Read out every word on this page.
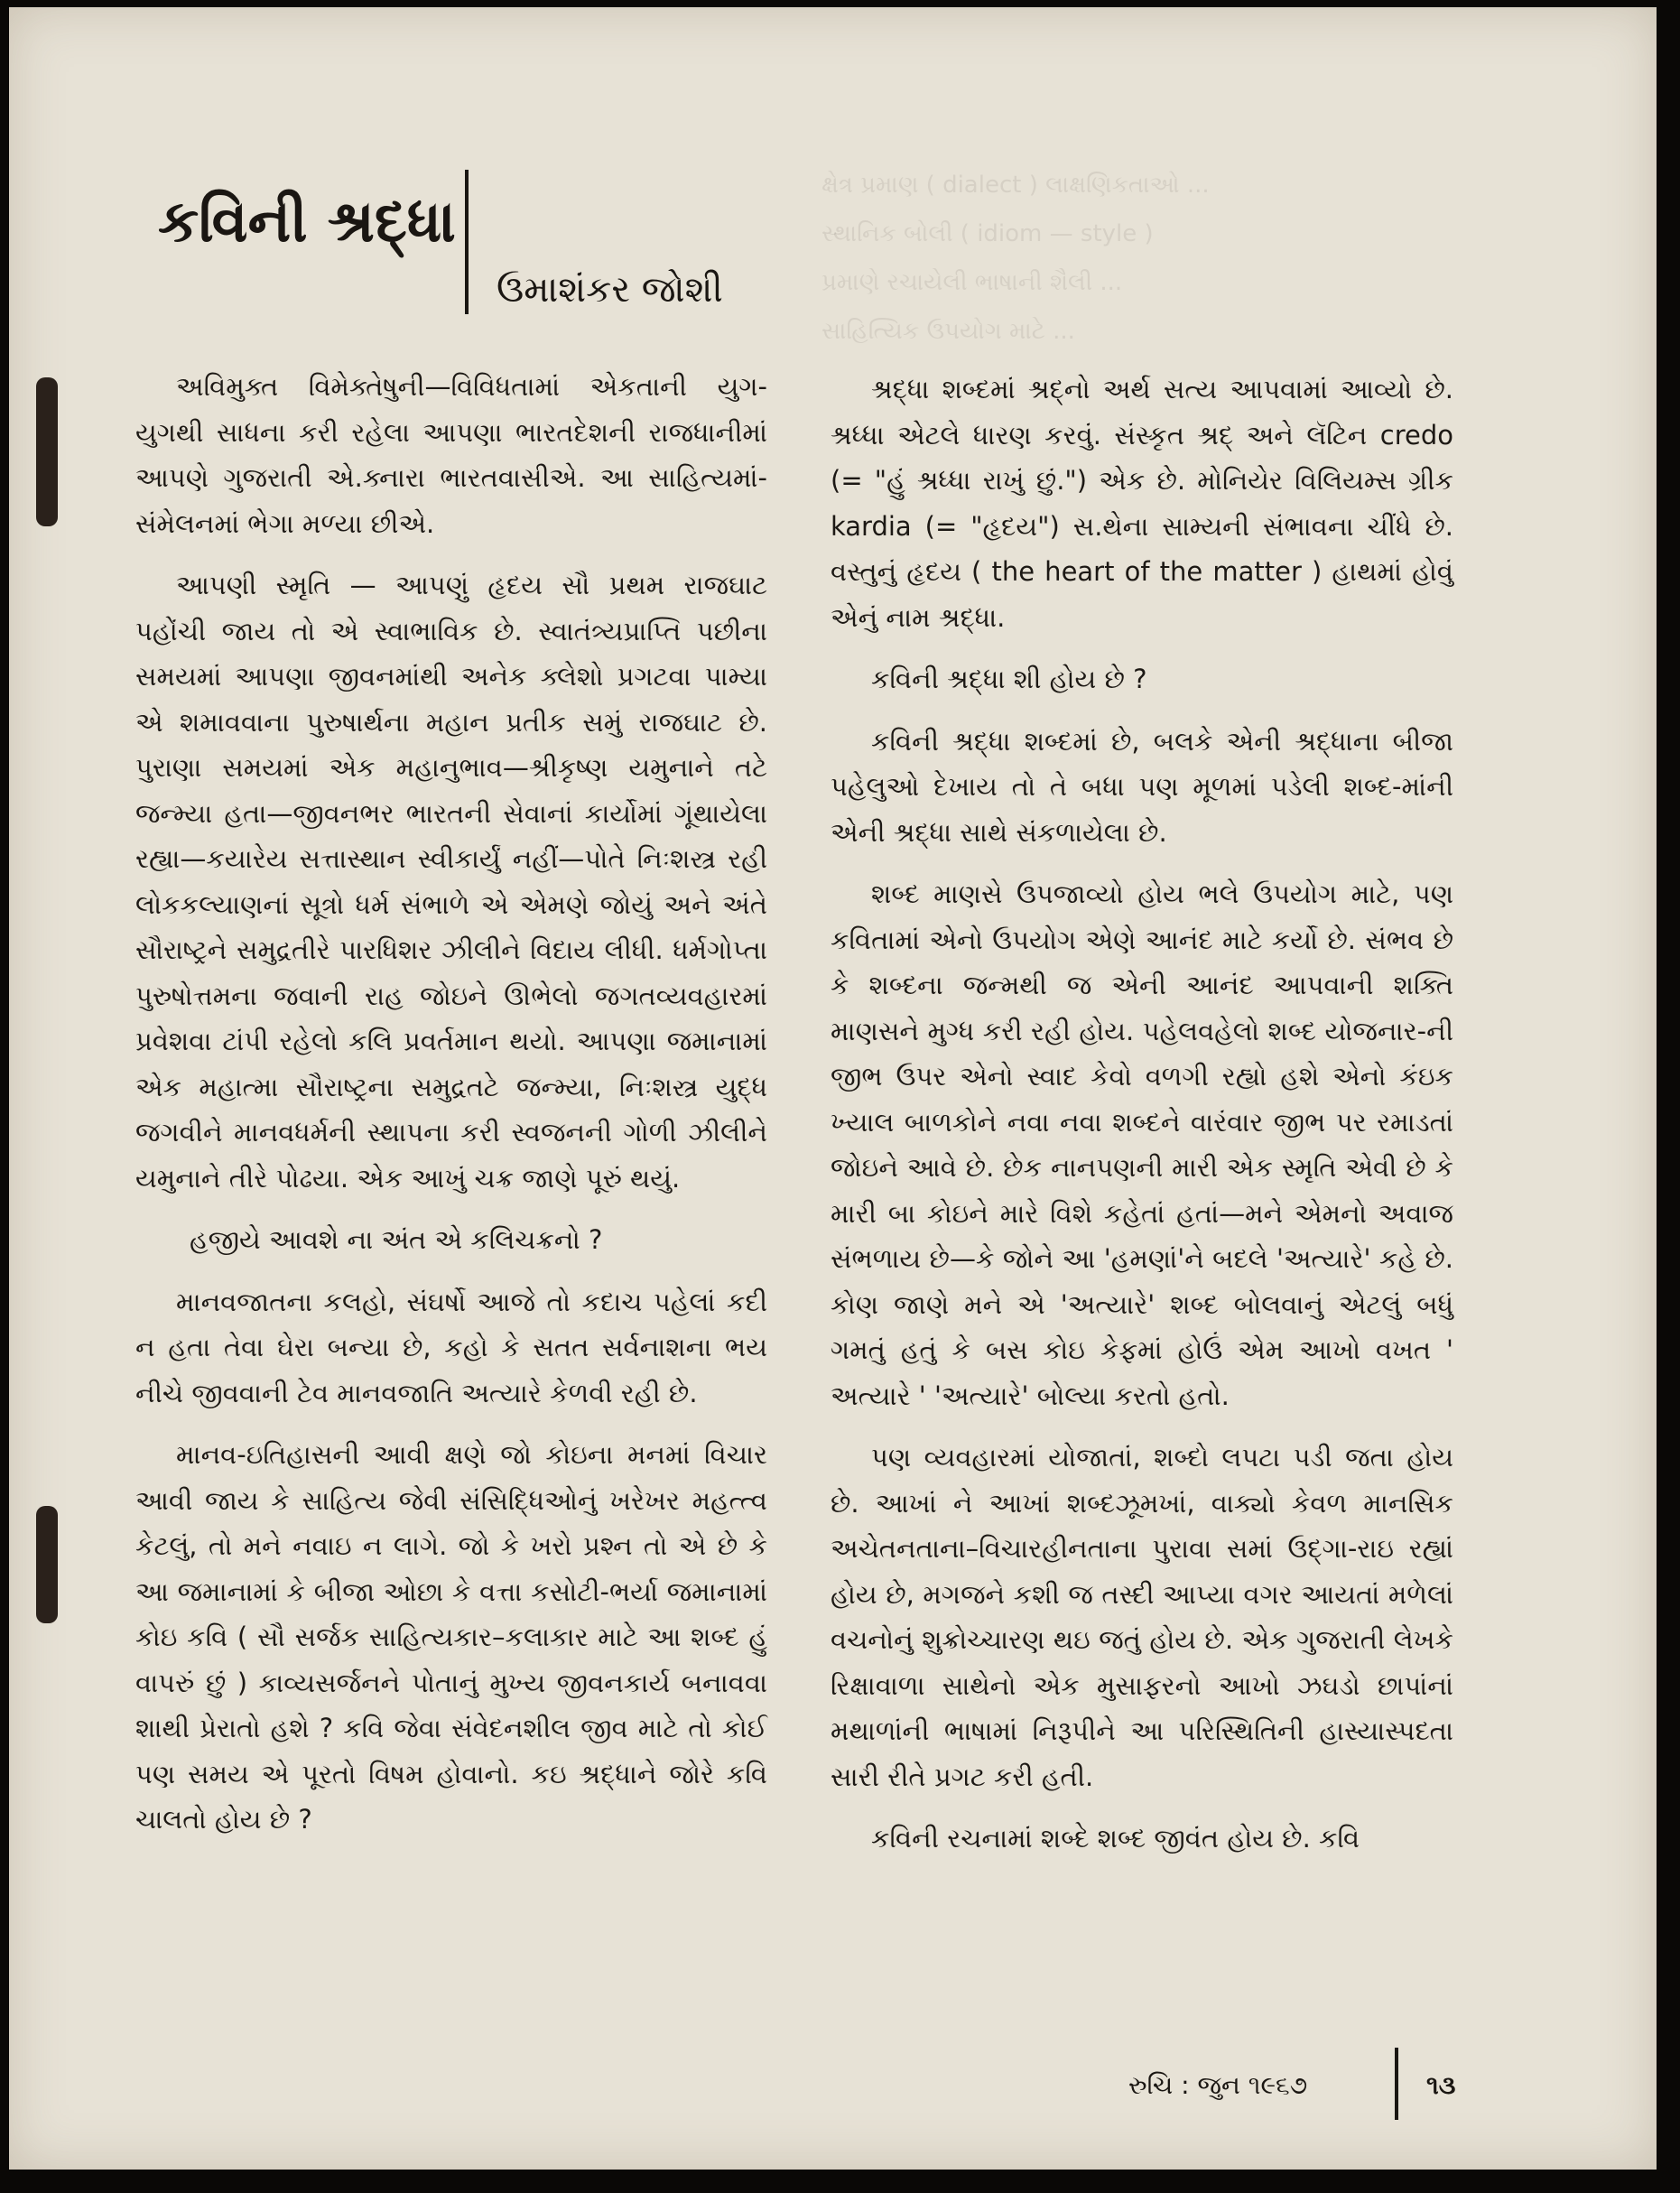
ક્ષેત્ર પ્રમાણ ( dialect ) લાક્ષણિકતાઓ ...
સ્થાનિક બોલી ( idiom — style )
પ્રમાણે રચાયેલી ભાષાની શૈલી ...
સાહિત્યિક ઉપયોગ માટે ...
કવિની શ્રદ્ધા
ઉમાશંકર જોશી

અવિમુક્ત વિમેક્તેષુની—વિવિધતામાં એકતાની યુગ-યુગથી સાધના કરી રહેલા આપણા ભારતદેશની રાજધાનીમાં આપણે ગુજરાતી એ.ક્નારા ભારતવાસીએ. આ સાહિત્યમાં-સંમેલનમાં ભેગા મળ્યા છીએ.

આપણી સ્મૃતિ — આપણું હૃદય સૌ પ્રથમ રાજઘાટ પહોંચી જાય તો એ સ્વાભાવિક છે. સ્વાતંત્ર્યપ્રાપ્તિ પછીના સમયમાં આપણા જીવનમાંથી અનેક ક્લેશો પ્રગટવા પામ્યા એ શમાવવાના પુરુષાર્થના મહાન પ્રતીક સમું રાજઘાટ છે. પુરાણા સમયમાં એક મહાનુભાવ—શ્રીકૃષ્ણ યમુનાને તટે જન્મ્યા હતા—જીવનભર ભારતની સેવાનાં કાર્યોમાં ગૂંથાયેલા રહ્યા—કયારેય સત્તાસ્થાન સ્વીકાર્યું નહીં—પોતે નિઃશસ્ત્ર રહી લોકકલ્યાણનાં સૂત્રો ધર્મ સંભાળે એ એમણે જોયું અને અંતે સૌરાષ્ટ્રને સમુદ્રતીરે પારધિશર ઝીલીને વિદાય લીધી. ધર્મગોપ્તા પુરુષોત્તમના જવાની રાહ જોઇને ઊભેલો જગતવ્યવહારમાં પ્રવેશવા ટાંપી રહેલો કલિ પ્રવર્તમાન થયો. આપણા જમાનામાં એક મહાત્મા સૌરાષ્ટ્રના સમુદ્રતટે જન્મ્યા, નિઃશસ્ત્ર યુદ્ધ જગવીને માનવધર્મની સ્થાપના કરી સ્વજનની ગોળી ઝીલીને યમુનાને તીરે પોઢયા. એક આખું ચક્ર જાણે પૂરું થયું.

હજીયે આવશે ના અંત એ કલિચક્રનો ?

માનવજાતના કલહો, સંઘર્ષો આજે તો કદાચ પહેલાં કદી ન હતા તેવા ઘેરા બન્યા છે, કહો કે સતત સર્વનાશના ભય નીચે જીવવાની ટેવ માનવજાતિ અત્યારે કેળવી રહી છે.

માનવ-ઇતિહાસની આવી ક્ષણે જો કોઇના મનમાં વિચાર આવી જાય કે સાહિત્ય જેવી સંસિદ્ધિઓનું ખરેખર મહત્ત્વ કેટલું, તો મને નવાઇ ન લાગે. જો કે ખરો પ્રશ્ન તો એ છે કે આ જમાનામાં કે બીજા ઓછા કે વત્તા કસોટી-ભર્યા જમાનામાં કોઇ કવિ ( સૌ સર્જક સાહિત્યકાર–કલાકાર માટે આ શબ્દ હું વાપરું છું ) કાવ્યસર્જનને પોતાનું મુખ્ય જીવનકાર્ય બનાવવા શાથી પ્રેરાતો હશે ? કવિ જેવા સંવેદનશીલ જીવ માટે તો કોઈ પણ સમય એ પૂરતો વિષમ હોવાનો. કઇ શ્રદ્ધાને જોરે કવિ ચાલતો હોય છે ?

શ્રદ્ધા શબ્દમાં શ્રદ્નો અર્થ સત્ય આપવામાં આવ્યો છે. શ્રધ્ધા એટલે ધારણ કરવું. સંસ્કૃત શ્રદ્ અને લૅટિન credo (= "હું શ્રધ્ધા રાખું છું.") એક છે. મોનિયેર વિલિયમ્સ ગ્રીક kardia (= "હૃદય") સ.થેના સામ્યની સંભાવના ચીંધે છે. વસ્તુનું હૃદય ( the heart of the matter ) હાથમાં હોવું એનું નામ શ્રદ્ધા.

કવિની શ્રદ્ધા શી હોય છે ?

કવિની શ્રદ્ધા શબ્દમાં છે, બલકે એની શ્રદ્ધાના બીજા પહેલુઓ દેખાય તો તે બધા પણ મૂળમાં પડેલી શબ્દ-માંની એની શ્રદ્ધા સાથે સંકળાયેલા છે.

શબ્દ માણસે ઉપજાવ્યો હોય ભલે ઉપયોગ માટે, પણ કવિતામાં એનો ઉપયોગ એણે આનંદ માટે કર્યો છે. સંભવ છે કે શબ્દના જન્મથી જ એની આનંદ આપવાની શક્તિ માણસને મુગ્ધ કરી રહી હોય. પહેલવહેલો શબ્દ યોજનાર-ની જીભ ઉપર એનો સ્વાદ કેવો વળગી રહ્યો હશે એનો કંઇક ખ્યાલ બાળકોને નવા નવા શબ્દને વારંવાર જીભ પર રમાડતાં જોઇને આવે છે. છેક નાનપણની મારી એક સ્મૃતિ એવી છે કે મારી બા કોઇને મારે વિશે કહેતાં હતાં—મને એમનો અવાજ સંભળાય છે—કે જોને આ 'હમણાં'ને બદલે 'અત્યારે' કહે છે. કોણ જાણે મને એ 'અત્યારે' શબ્દ બોલવાનું એટલું બધું ગમતું હતું કે બસ કોઇ કેફમાં હોઉં એમ આખો વખત ' અત્યારે ' 'અત્યારે' બોલ્યા કરતો હતો.

પણ વ્યવહારમાં યોજાતાં, શબ્દો લપટા પડી જતા હોય છે. આખાં ને આખાં શબ્દઝૂમખાં, વાક્યો કેવળ માનસિક અચેતનતાના–વિચારહીનતાના પુરાવા સમાં ઉદ્ગા-રાઇ રહ્યાં હોય છે, મગજને કશી જ તસ્દી આપ્યા વગર આયતાં મળેલાં વચનોનું શુક્રોચ્ચારણ થઇ જતું હોય છે. એક ગુજરાતી લેખકે રિક્ષાવાળા સાથેનો એક મુસાફરનો આખો ઝઘડો છાપાંનાં મથાળાંની ભાષામાં નિરૂપીને આ પરિસ્થિતિની હાસ્યાસ્પદતા સારી રીતે પ્રગટ કરી હતી.

કવિની રચનામાં શબ્દે શબ્દ જીવંત હોય છે. કવિ

રુચિ : જુન ૧૯૬૭	૧૩
